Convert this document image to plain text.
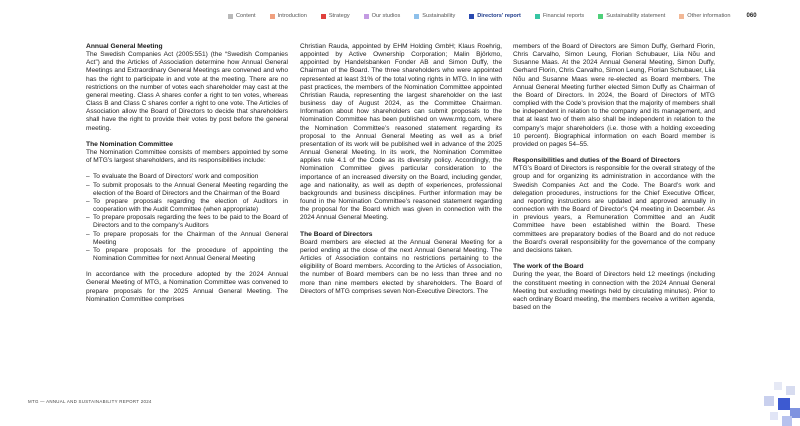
Content	Introduction	Strategy	Our studios	Sustainability	Directors' report	Financial reports	Sustainability statement	Other information	060
Annual General Meeting

The Swedish Companies Act (2005:551) (the “Swedish Companies Act”) and the Articles of Association determine how Annual General Meetings and Extraordinary General Meetings are convened and who has the right to participate in and vote at the meeting. There are no restrictions on the number of votes each shareholder may cast at the general meeting. Class A shares confer a right to ten votes, whereas Class B and Class C shares confer a right to one vote. The Articles of Association allow the Board of Directors to decide that shareholders shall have the right to provide their votes by post before the general meeting.

The Nomination Committee

The Nomination Committee consists of members appointed by some of MTG’s largest shareholders, and its responsibilities include:

– To evaluate the Board of Directors’ work and composition
– To submit proposals to the Annual General Meeting regarding the election of the Board of Directors and the Chairman of the Board
– To prepare proposals regarding the election of Auditors in cooperation with the Audit Committee (when appropriate)
– To prepare proposals regarding the fees to be paid to the Board of Directors and to the company’s Auditors
– To prepare proposals for the Chairman of the Annual General Meeting
– To prepare proposals for the procedure of appointing the Nomination Committee for next Annual General Meeting

In accordance with the procedure adopted by the 2024 Annual General Meeting of MTG, a Nomination Committee was convened to prepare proposals for the 2025 Annual General Meeting. The Nomination Committee comprises

Christian Rauda, appointed by EHM Holding GmbH; Klaus Roehrig, appointed by Active Ownership Corporation; Malin Björkmo, appointed by Handelsbanken Fonder AB and Simon Duffy, the Chairman of the Board. The three shareholders who were appointed represented at least 31% of the total voting rights in MTG. In line with past practices, the members of the Nomination Committee appointed Christian Rauda, representing the largest shareholder on the last business day of August 2024, as the Committee Chairman. Information about how shareholders can submit proposals to the Nomination Committee has been published on www.mtg.com, where the Nomination Committee’s reasoned statement regarding its proposal to the Annual General Meeting as well as a brief presentation of its work will be published well in advance of the 2025 Annual General Meeting. In its work, the Nomination Committee applies rule 4.1 of the Code as its diversity policy. Accordingly, the Nomination Committee gives particular consideration to the importance of an increased diversity on the Board, including gender, age and nationality, as well as depth of experiences, professional backgrounds and business disciplines. Further information may be found in the Nomination Committee’s reasoned statement regarding the proposal for the Board which was given in connection with the 2024 Annual General Meeting.

The Board of Directors

Board members are elected at the Annual General Meeting for a period ending at the close of the next Annual General Meeting. The Articles of Association contains no restrictions pertaining to the eligibility of Board members. According to the Articles of Association, the number of Board members can be no less than three and no more than nine members elected by shareholders. The Board of Directors of MTG comprises seven Non-Executive Directors. The

members of the Board of Directors are Simon Duffy, Gerhard Florin, Chris Carvalho, Simon Leung, Florian Schubauer, Liia Nõu and Susanne Maas. At the 2024 Annual General Meeting, Simon Duffy, Gerhard Florin, Chris Carvalho, Simon Leung, Florian Schubauer, Liia Nõu and Susanne Maas were re-elected as Board members. The Annual General Meeting further elected Simon Duffy as Chairman of the Board of Directors. In 2024, the Board of Directors of MTG complied with the Code’s provision that the majority of members shall be independent in relation to the company and its management, and that at least two of them also shall be independent in relation to the company’s major shareholders (i.e. those with a holding exceeding 10 percent). Biographical information on each Board member is provided on pages 54–55.

Responsibilities and duties of the Board of Directors

MTG’s Board of Directors is responsible for the overall strategy of the group and for organizing its administration in accordance with the Swedish Companies Act and the Code. The Board’s work and delegation procedures, instructions for the Chief Executive Officer, and reporting instructions are updated and approved annually in connection with the Board of Director’s Q4 meeting in December. As in previous years, a Remuneration Committee and an Audit Committee have been established within the Board. These committees are preparatory bodies of the Board and do not reduce the Board’s overall responsibility for the governance of the company and decisions taken.

The work of the Board

During the year, the Board of Directors held 12 meetings (including the constituent meeting in connection with the 2024 Annual General Meeting but excluding meetings held by circulating minutes). Prior to each ordinary Board meeting, the members receive a written agenda, based on the

MTG — ANNUAL AND SUSTAINABILITY REPORT 2024
